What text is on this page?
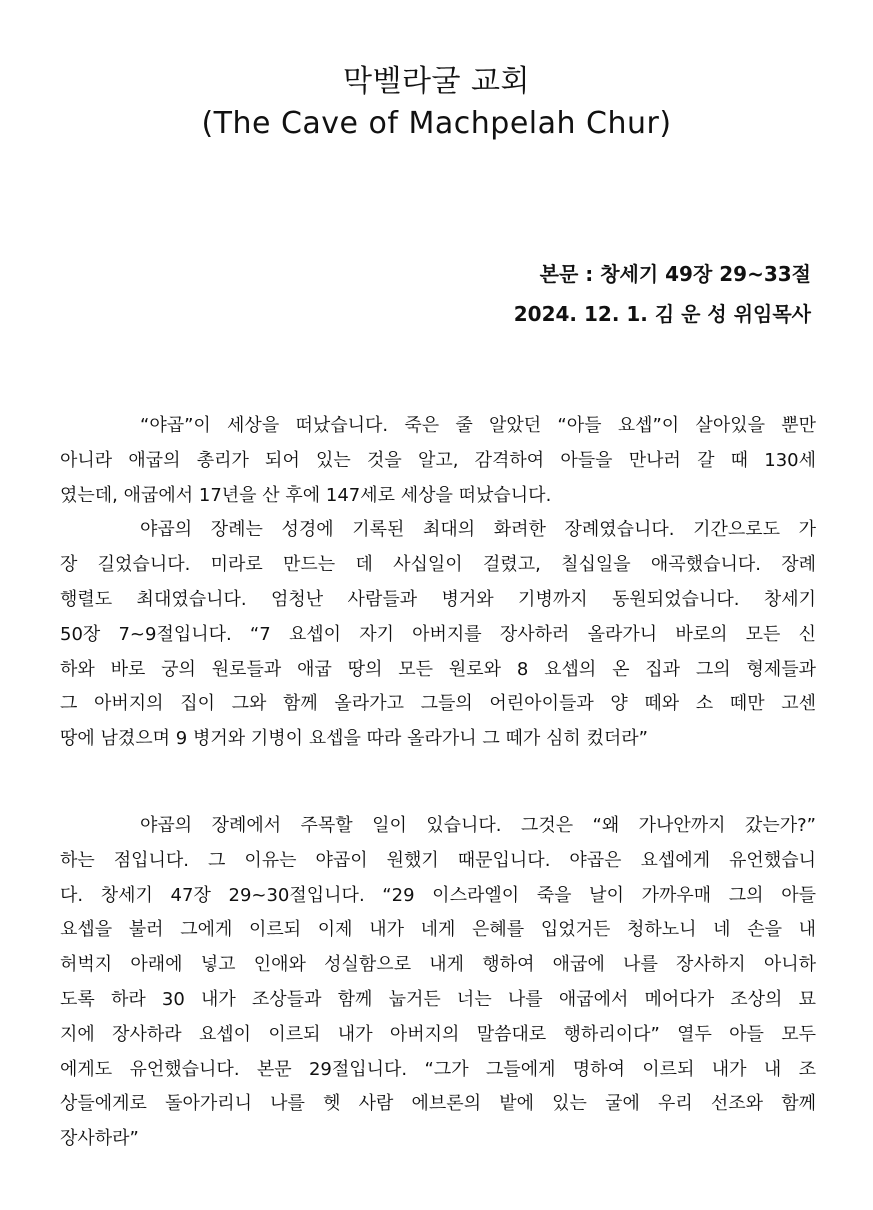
막벨라굴 교회
(The Cave of Machpelah Chur)
본문 : 창세기 49장 29~33절
2024. 12. 1. 김 운 성 위임목사
“야곱”이 세상을 떠났습니다. 죽은 줄 알았던 “아들 요셉”이 살아있을 뿐만
아니라 애굽의 총리가 되어 있는 것을 알고, 감격하여 아들을 만나러 갈 때 130세
였는데, 애굽에서 17년을 산 후에 147세로 세상을 떠났습니다.
야곱의 장례는 성경에 기록된 최대의 화려한 장례였습니다. 기간으로도 가
장 길었습니다. 미라로 만드는 데 사십일이 걸렸고, 칠십일을 애곡했습니다. 장례
행렬도 최대였습니다. 엄청난 사람들과 병거와 기병까지 동원되었습니다. 창세기
50장 7~9절입니다. “7 요셉이 자기 아버지를 장사하러 올라가니 바로의 모든 신
하와 바로 궁의 원로들과 애굽 땅의 모든 원로와 8 요셉의 온 집과 그의 형제들과
그 아버지의 집이 그와 함께 올라가고 그들의 어린아이들과 양 떼와 소 떼만 고센
땅에 남겼으며 9 병거와 기병이 요셉을 따라 올라가니 그 떼가 심히 컸더라”
야곱의 장례에서 주목할 일이 있습니다. 그것은 “왜 가나안까지 갔는가?”
하는 점입니다. 그 이유는 야곱이 원했기 때문입니다. 야곱은 요셉에게 유언했습니
다. 창세기 47장 29~30절입니다. “29 이스라엘이 죽을 날이 가까우매 그의 아들
요셉을 불러 그에게 이르되 이제 내가 네게 은혜를 입었거든 청하노니 네 손을 내
허벅지 아래에 넣고 인애와 성실함으로 내게 행하여 애굽에 나를 장사하지 아니하
도록 하라 30 내가 조상들과 함께 눕거든 너는 나를 애굽에서 메어다가 조상의 묘
지에 장사하라 요셉이 이르되 내가 아버지의 말씀대로 행하리이다” 열두 아들 모두
에게도 유언했습니다. 본문 29절입니다. “그가 그들에게 명하여 이르되 내가 내 조
상들에게로 돌아가리니 나를 헷 사람 에브론의 밭에 있는 굴에 우리 선조와 함께
장사하라”
